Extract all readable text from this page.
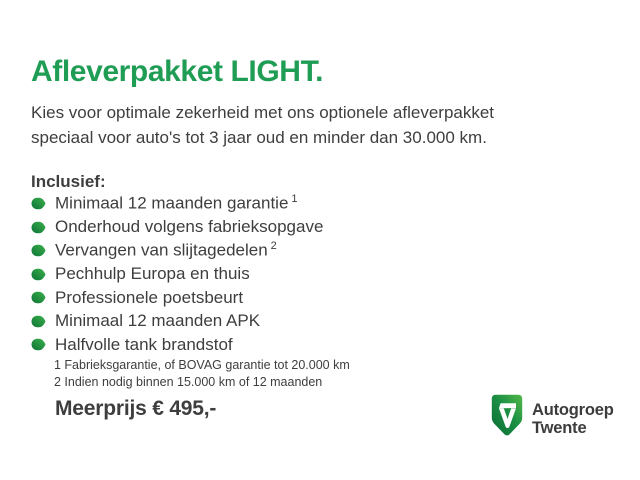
Afleverpakket LIGHT.

Kies voor optimale zekerheid met ons optionele afleverpakket
speciaal voor auto's tot 3 jaar oud en minder dan 30.000 km.

Inclusief:
Minimaal 12 maanden garantie $^1$
Onderhoud volgens fabrieksopgave
Vervangen van slijtagedelen $^2$
Pechhulp Europa en thuis
Professionele poetsbeurt
Minimaal 12 maanden APK
Halfvolle tank brandstof
1 Fabrieksgarantie, of BOVAG garantie tot 20.000 km
2 Indien nodig binnen 15.000 km of 12 maanden
Meerprijs € 495,-	Autogroep
Twente
